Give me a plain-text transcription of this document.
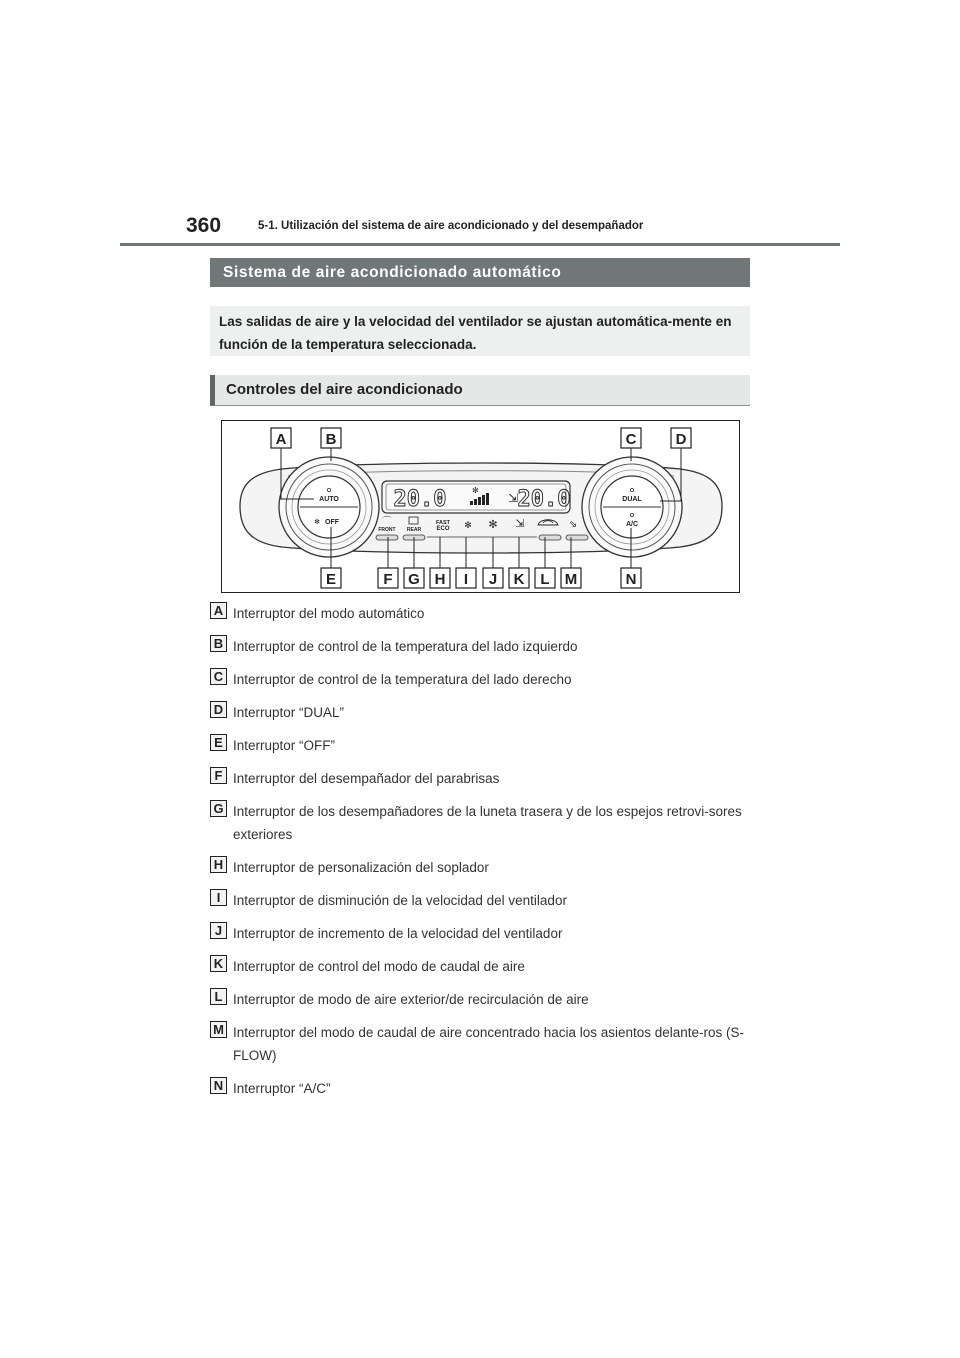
360	5-1. Utilización del sistema de aire acondicionado y del desempañador
Sistema de aire acondicionado automático
Las salidas de aire y la velocidad del ventilador se ajustan automática-mente en función de la temperatura seleccionada.
Controles del aire acondicionado
AUTO
OFF
✻
DUAL
A/C
20.0	20.0
✻
⇲
⌒
FRONT REAR
FAST
ECO ✻ ✻ ⇲	⇘
A	B	C	D
E	F G H I J K L M	N
A Interruptor del modo automático
B Interruptor de control de la temperatura del lado izquierdo
C Interruptor de control de la temperatura del lado derecho
D Interruptor “DUAL”
E Interruptor “OFF”
F Interruptor del desempañador del parabrisas
G Interruptor de los desempañadores de la luneta trasera y de los espejos retrovi-sores exteriores
H Interruptor de personalización del soplador
I Interruptor de disminución de la velocidad del ventilador
J Interruptor de incremento de la velocidad del ventilador
K Interruptor de control del modo de caudal de aire
L Interruptor de modo de aire exterior/de recirculación de aire
M Interruptor del modo de caudal de aire concentrado hacia los asientos delante-ros (S-FLOW)
N Interruptor “A/C”
